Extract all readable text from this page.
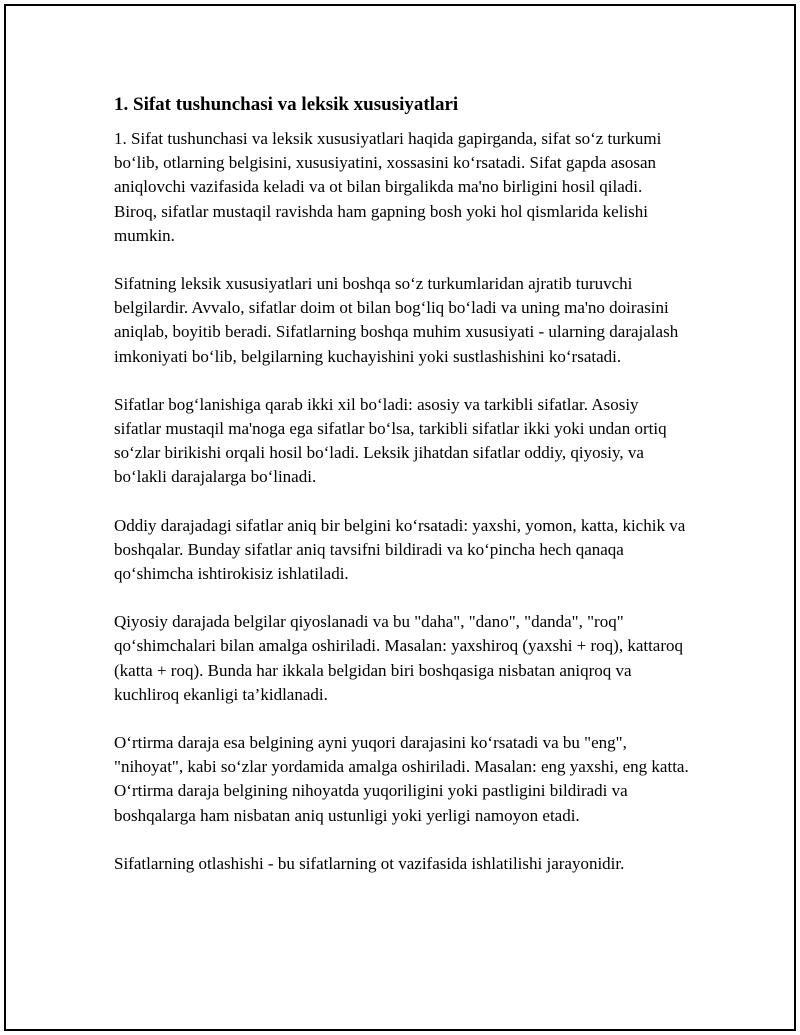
1. Sifat tushunchasi va leksik xususiyatlari

1. Sifat tushunchasi va leksik xususiyatlari haqida gapirganda, sifat so‘z turkumi bo‘lib, otlarning belgisini, xususiyatini, xossasini ko‘rsatadi. Sifat gapda asosan aniqlovchi vazifasida keladi va ot bilan birgalikda ma'no birligini hosil qiladi. Biroq, sifatlar mustaqil ravishda ham gapning bosh yoki hol qismlarida kelishi mumkin.

Sifatning leksik xususiyatlari uni boshqa so‘z turkumlaridan ajratib turuvchi belgilardir. Avvalo, sifatlar doim ot bilan bog‘liq bo‘ladi va uning ma'no doirasini aniqlab, boyitib beradi. Sifatlarning boshqa muhim xususiyati - ularning darajalash imkoniyati bo‘lib, belgilarning kuchayishini yoki sustlashishini ko‘rsatadi.

Sifatlar bog‘lanishiga qarab ikki xil bo‘ladi: asosiy va tarkibli sifatlar. Asosiy sifatlar mustaqil ma'noga ega sifatlar bo‘lsa, tarkibli sifatlar ikki yoki undan ortiq so‘zlar birikishi orqali hosil bo‘ladi. Leksik jihatdan sifatlar oddiy, qiyosiy, va bo‘lakli darajalarga bo‘linadi.

Oddiy darajadagi sifatlar aniq bir belgini ko‘rsatadi: yaxshi, yomon, katta, kichik va boshqalar. Bunday sifatlar aniq tavsifni bildiradi va ko‘pincha hech qanaqa qo‘shimcha ishtirokisiz ishlatiladi.

Qiyosiy darajada belgilar qiyoslanadi va bu "daha", "dano", "danda", "roq" qo‘shimchalari bilan amalga oshiriladi. Masalan: yaxshiroq (yaxshi + roq), kattaroq (katta + roq). Bunda har ikkala belgidan biri boshqasiga nisbatan aniqroq va kuchliroq ekanligi ta’kidlanadi.

O‘rtirma daraja esa belgining ayni yuqori darajasini ko‘rsatadi va bu "eng", "nihoyat", kabi so‘zlar yordamida amalga oshiriladi. Masalan: eng yaxshi, eng katta. O‘rtirma daraja belgining nihoyatda yuqoriligini yoki pastligini bildiradi va boshqalarga ham nisbatan aniq ustunligi yoki yerligi namoyon etadi.

Sifatlarning otlashishi - bu sifatlarning ot vazifasida ishlatilishi jarayonidir.
